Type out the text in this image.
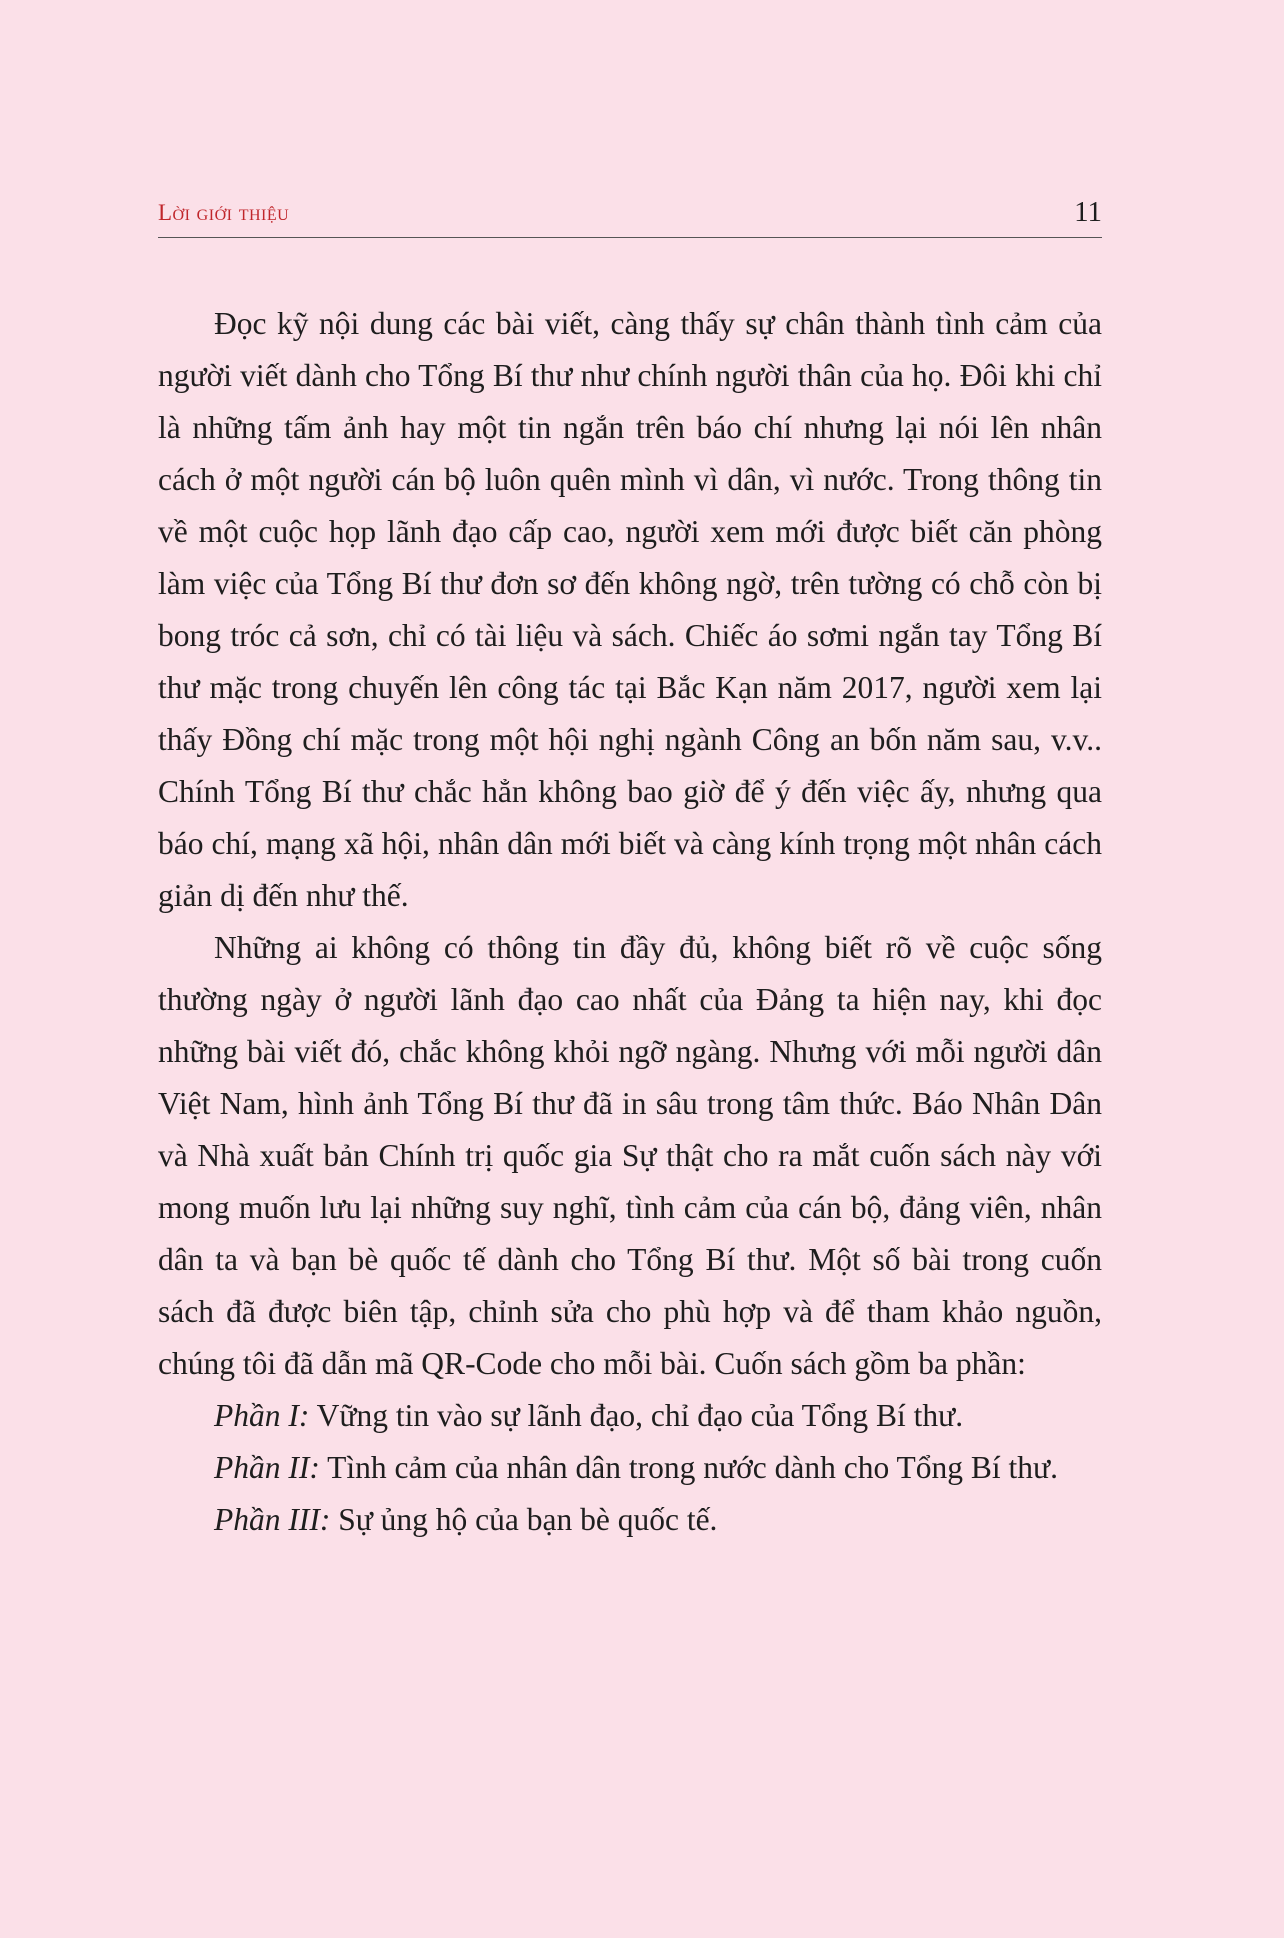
Lời giới thiệu	11

Đọc kỹ nội dung các bài viết, càng thấy sự chân thành tình cảm của người viết dành cho Tổng Bí thư như chính người thân của họ. Đôi khi chỉ là những tấm ảnh hay một tin ngắn trên báo chí nhưng lại nói lên nhân cách ở một người cán bộ luôn quên mình vì dân, vì nước. Trong thông tin về một cuộc họp lãnh đạo cấp cao, người xem mới được biết căn phòng làm việc của Tổng Bí thư đơn sơ đến không ngờ, trên tường có chỗ còn bị bong tróc cả sơn, chỉ có tài liệu và sách. Chiếc áo sơmi ngắn tay Tổng Bí thư mặc trong chuyến lên công tác tại Bắc Kạn năm 2017, người xem lại thấy Đồng chí mặc trong một hội nghị ngành Công an bốn năm sau, v.v.. Chính Tổng Bí thư chắc hẳn không bao giờ để ý đến việc ấy, nhưng qua báo chí, mạng xã hội, nhân dân mới biết và càng kính trọng một nhân cách giản dị đến như thế.

Những ai không có thông tin đầy đủ, không biết rõ về cuộc sống thường ngày ở người lãnh đạo cao nhất của Đảng ta hiện nay, khi đọc những bài viết đó, chắc không khỏi ngỡ ngàng. Nhưng với mỗi người dân Việt Nam, hình ảnh Tổng Bí thư đã in sâu trong tâm thức. Báo Nhân Dân và Nhà xuất bản Chính trị quốc gia Sự thật cho ra mắt cuốn sách này với mong muốn lưu lại những suy nghĩ, tình cảm của cán bộ, đảng viên, nhân dân ta và bạn bè quốc tế dành cho Tổng Bí thư. Một số bài trong cuốn sách đã được biên tập, chỉnh sửa cho phù hợp và để tham khảo nguồn, chúng tôi đã dẫn mã QR-Code cho mỗi bài. Cuốn sách gồm ba phần:

Phần I: Vững tin vào sự lãnh đạo, chỉ đạo của Tổng Bí thư.

Phần II: Tình cảm của nhân dân trong nước dành cho Tổng Bí thư.

Phần III: Sự ủng hộ của bạn bè quốc tế.
